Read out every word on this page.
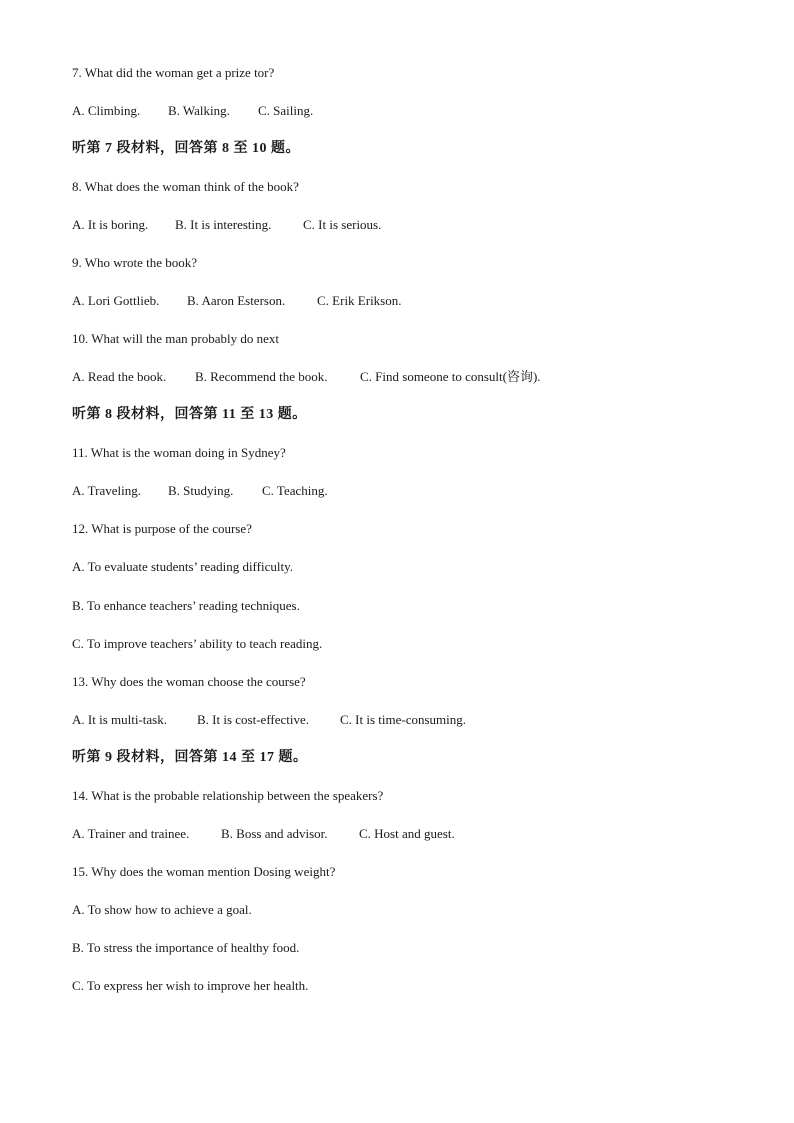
7. What did the woman get a prize tor?
A. Climbing. B. Walking. C. Sailing.
听第 7 段材料，回答第 8 至 10 题。
8. What does the woman think of the book?
A. It is boring. B. It is interesting. C. It is serious.
9. Who wrote the book?
A. Lori Gottlieb. B. Aaron Esterson. C. Erik Erikson.
10. What will the man probably do next
A. Read the book. B. Recommend the book. C. Find someone to consult(咨询).
听第 8 段材料，回答第 11 至 13 题。
11. What is the woman doing in Sydney?
A. Traveling. B. Studying. C. Teaching.
12. What is purpose of the course?
A. To evaluate students’ reading difficulty.
B. To enhance teachers’ reading techniques.
C. To improve teachers’ ability to teach reading.
13. Why does the woman choose the course?
A. It is multi-task. B. It is cost-effective. C. It is time-consuming.
听第 9 段材料，回答第 14 至 17 题。
14. What is the probable relationship between the speakers?
A. Trainer and trainee. B. Boss and advisor. C. Host and guest.
15. Why does the woman mention Dosing weight?
A. To show how to achieve a goal.
B. To stress the importance of healthy food.
C. To express her wish to improve her health.
